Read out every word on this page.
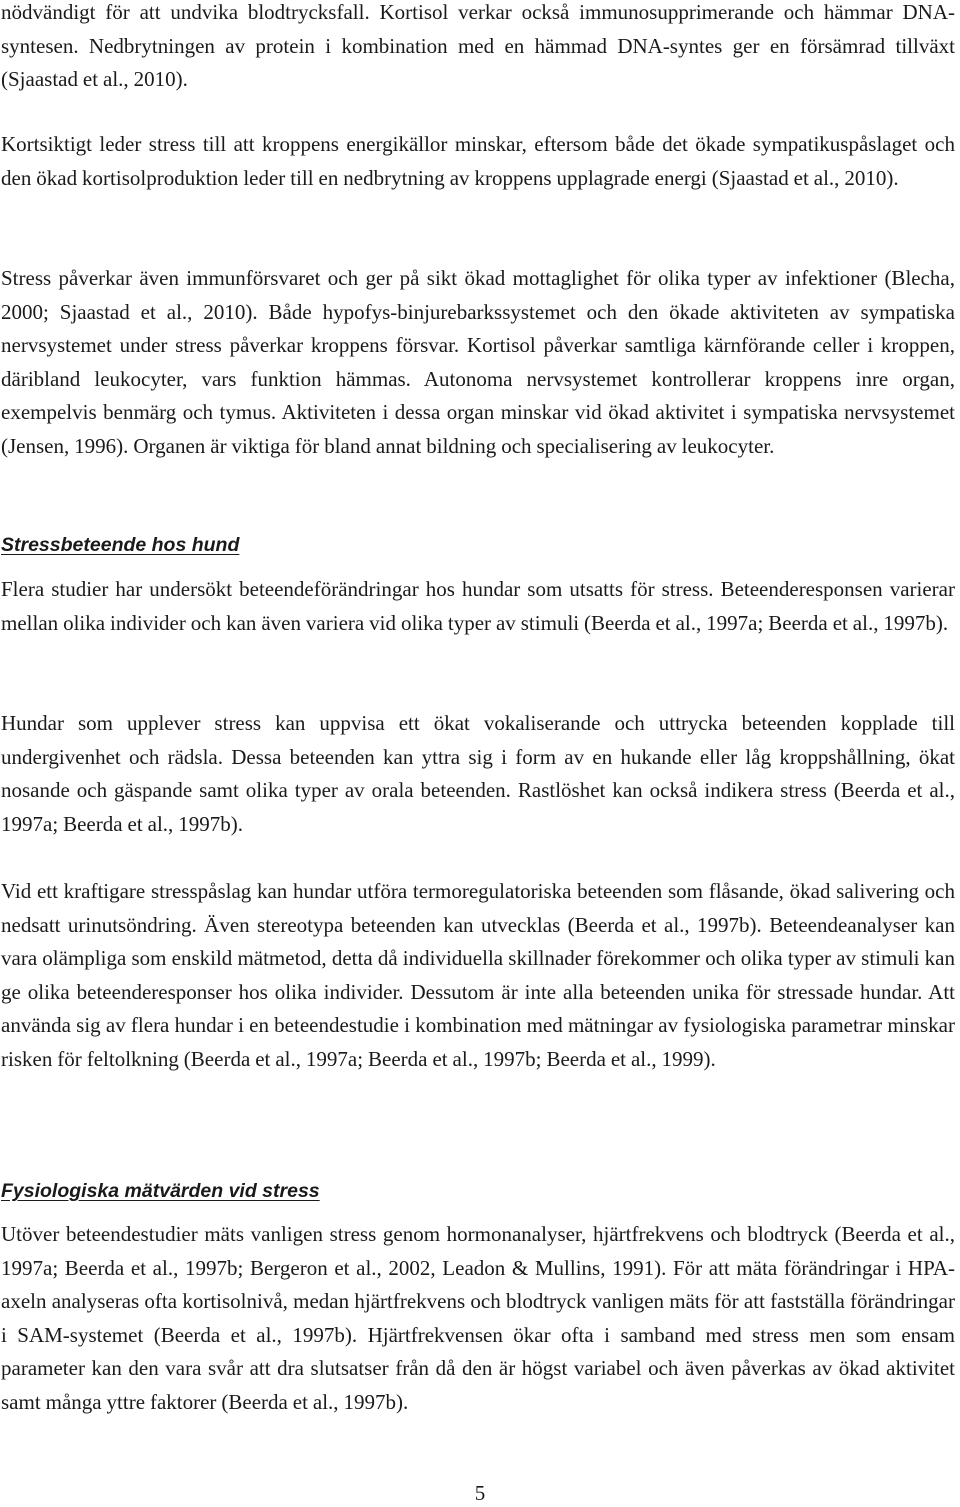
nödvändigt för att undvika blodtrycksfall. Kortisol verkar också immunosupprimerande och hämmar DNA-syntesen. Nedbrytningen av protein i kombination med en hämmad DNA-syntes ger en försämrad tillväxt (Sjaastad et al., 2010).

Kortsiktigt leder stress till att kroppens energikällor minskar, eftersom både det ökade sympatikuspåslaget och den ökad kortisolproduktion leder till en nedbrytning av kroppens upplagrade energi (Sjaastad et al., 2010).

Stress påverkar även immunförsvaret och ger på sikt ökad mottaglighet för olika typer av infektioner (Blecha, 2000; Sjaastad et al., 2010). Både hypofys-binjurebarkssystemet och den ökade aktiviteten av sympatiska nervsystemet under stress påverkar kroppens försvar. Kortisol påverkar samtliga kärnförande celler i kroppen, däribland leukocyter, vars funktion hämmas. Autonoma nervsystemet kontrollerar kroppens inre organ, exempelvis benmärg och tymus. Aktiviteten i dessa organ minskar vid ökad aktivitet i sympatiska nervsystemet (Jensen, 1996). Organen är viktiga för bland annat bildning och specialisering av leukocyter.

Stressbeteende hos hund

Flera studier har undersökt beteendeförändringar hos hundar som utsatts för stress. Beteenderesponsen varierar mellan olika individer och kan även variera vid olika typer av stimuli (Beerda et al., 1997a; Beerda et al., 1997b).

Hundar som upplever stress kan uppvisa ett ökat vokaliserande och uttrycka beteenden kopplade till undergivenhet och rädsla. Dessa beteenden kan yttra sig i form av en hukande eller låg kroppshållning, ökat nosande och gäspande samt olika typer av orala beteenden. Rastlöshet kan också indikera stress (Beerda et al., 1997a; Beerda et al., 1997b).

Vid ett kraftigare stresspåslag kan hundar utföra termoregulatoriska beteenden som flåsande, ökad salivering och nedsatt urinutsöndring. Även stereotypa beteenden kan utvecklas (Beerda et al., 1997b). Beteendeanalyser kan vara olämpliga som enskild mätmetod, detta då individuella skillnader förekommer och olika typer av stimuli kan ge olika beteenderesponser hos olika individer. Dessutom är inte alla beteenden unika för stressade hundar. Att använda sig av flera hundar i en beteendestudie i kombination med mätningar av fysiologiska parametrar minskar risken för feltolkning (Beerda et al., 1997a; Beerda et al., 1997b; Beerda et al., 1999).

Fysiologiska mätvärden vid stress

Utöver beteendestudier mäts vanligen stress genom hormonanalyser, hjärtfrekvens och blodtryck (Beerda et al., 1997a; Beerda et al., 1997b; Bergeron et al., 2002, Leadon & Mullins, 1991). För att mäta förändringar i HPA-axeln analyseras ofta kortisolnivå, medan hjärtfrekvens och blodtryck vanligen mäts för att fastställa förändringar i SAM-systemet (Beerda et al., 1997b). Hjärtfrekvensen ökar ofta i samband med stress men som ensam parameter kan den vara svår att dra slutsatser från då den är högst variabel och även påverkas av ökad aktivitet samt många yttre faktorer (Beerda et al., 1997b).

5
